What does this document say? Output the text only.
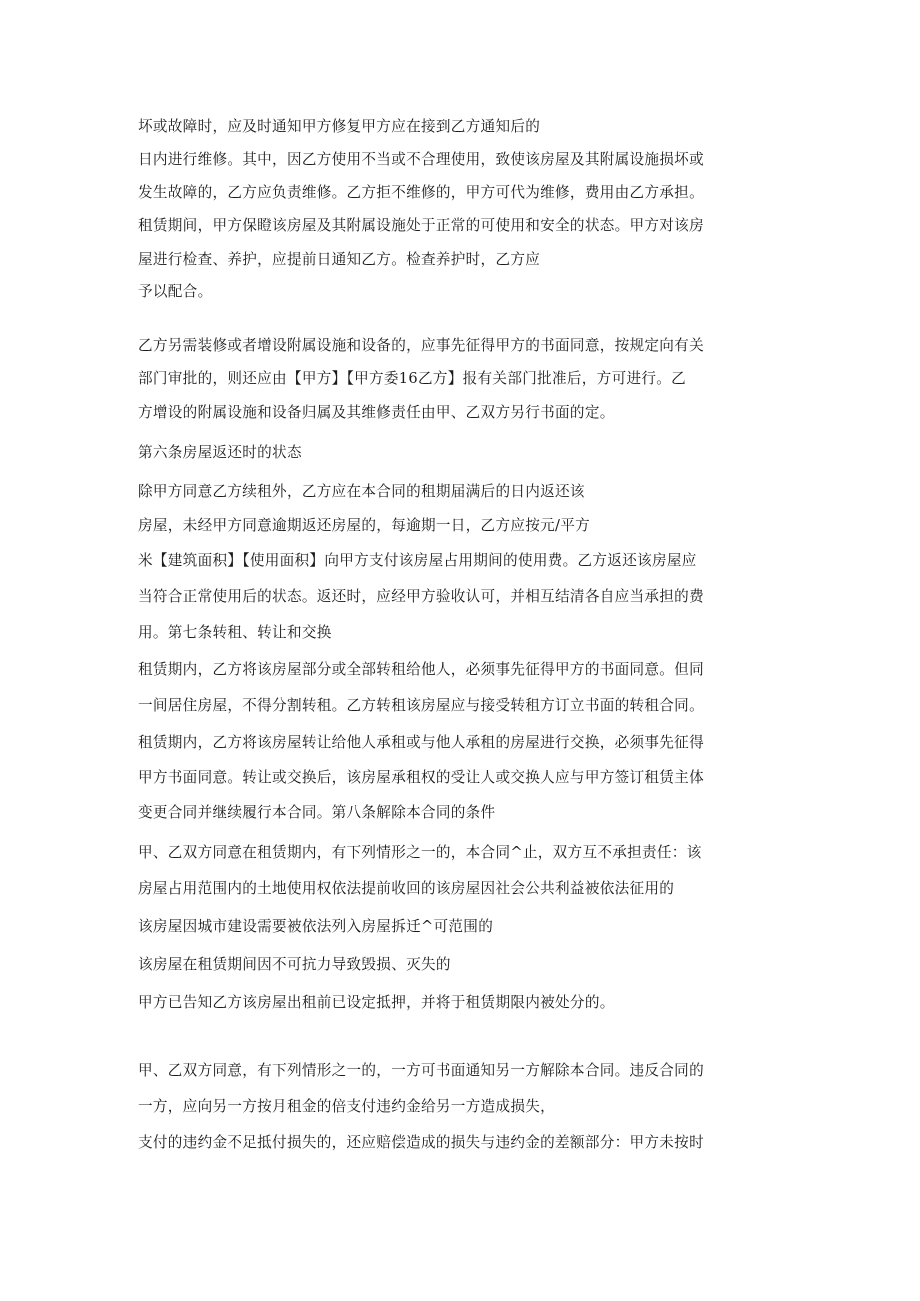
坏或故障时，应及时通知甲方修复甲方应在接到乙方通知后的
日内进行维修。其中，因乙方使用不当或不合理使用，致使该房屋及其附属设施损坏或
发生故障的，乙方应负责维修。乙方拒不维修的，甲方可代为维修，费用由乙方承担。
租赁期间，甲方保瞪该房屋及其附属设施处于正常的可使用和安全的状态。甲方对该房
屋进行检查、养护，应提前日通知乙方。检查养护时，乙方应
予以配合。
乙方另需装修或者增设附属设施和设备的，应事先征得甲方的书面同意，按规定向有关
部门审批的，则还应由【甲方】【甲方委16乙方】报有关部门批准后，方可进行。乙
方增设的附属设施和设备归属及其维修责任由甲、乙双方另行书面的定。
第六条房屋返还时的状态
除甲方同意乙方续租外，乙方应在本合同的租期届满后的日内返还该
房屋，未经甲方同意逾期返还房屋的，每逾期一日，乙方应按元/平方
米【建筑面积】【使用面积】向甲方支付该房屋占用期间的使用费。乙方返还该房屋应
当符合正常使用后的状态。返还时，应经甲方验收认可，并相互结清各自应当承担的费
用。第七条转租、转让和交换
租赁期内，乙方将该房屋部分或全部转租给他人，必须事先征得甲方的书面同意。但同
一间居住房屋，不得分割转租。乙方转租该房屋应与接受转租方订立书面的转租合同。
租赁期内，乙方将该房屋转让给他人承租或与他人承租的房屋进行交换，必须事先征得
甲方书面同意。转让或交换后，该房屋承租权的受让人或交换人应与甲方签订租赁主体
变更合同并继续履行本合同。第八条解除本合同的条件
甲、乙双方同意在租赁期内，有下列情形之一的，本合同^止，双方互不承担责任：该
房屋占用范围内的土地使用权依法提前收回的该房屋因社会公共利益被依法征用的
该房屋因城市建设需要被依法列入房屋拆迁^可范围的
该房屋在租赁期间因不可抗力导致毁损、灭失的
甲方已告知乙方该房屋出租前已设定抵押，并将于租赁期限内被处分的。
甲、乙双方同意，有下列情形之一的，一方可书面通知另一方解除本合同。违反合同的
一方，应向另一方按月租金的倍支付违约金给另一方造成损失，
支付的违约金不足抵付损失的，还应赔偿造成的损失与违约金的差额部分：甲方未按时
